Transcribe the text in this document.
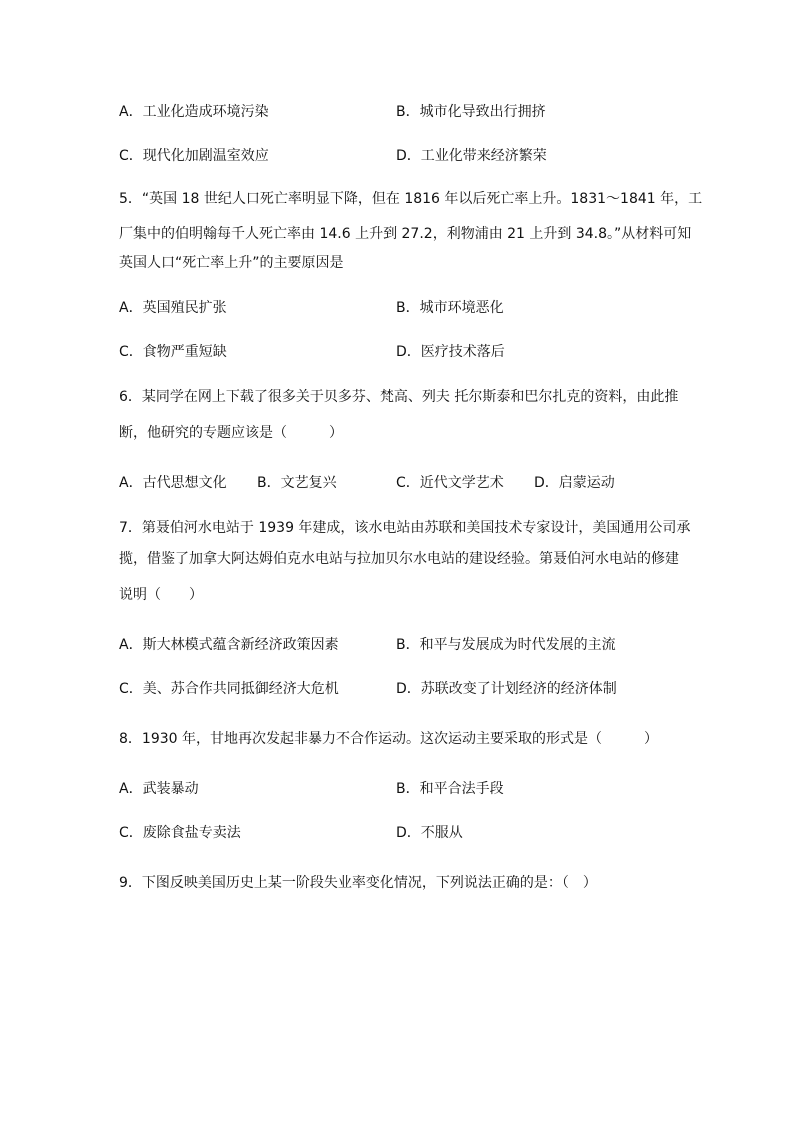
A．工业化造成环境污染	B．城市化导致出行拥挤
C．现代化加剧温室效应	D．工业化带来经济繁荣
5．“英国 18 世纪人口死亡率明显下降，但在 1816 年以后死亡率上升。1831～1841 年，工
厂集中的伯明翰每千人死亡率由 14.6 上升到 27.2，利物浦由 21 上升到 34.8。”从材料可知
英国人口“死亡率上升”的主要原因是
A．英国殖民扩张	B．城市环境恶化
C．食物严重短缺	D．医疗技术落后
6．某同学在网上下载了很多关于贝多芬、梵高、列夫 托尔斯泰和巴尔扎克的资料，由此推
断，他研究的专题应该是（　　　）
A．古代思想文化 B．文艺复兴	C．近代文学艺术 D．启蒙运动
7．第聂伯河水电站于 1939 年建成，该水电站由苏联和美国技术专家设计，美国通用公司承
揽，借鉴了加拿大阿达姆伯克水电站与拉加贝尔水电站的建设经验。第聂伯河水电站的修建
说明（　　）
A．斯大林模式蕴含新经济政策因素	B．和平与发展成为时代发展的主流
C．美、苏合作共同抵御经济大危机	D．苏联改变了计划经济的经济体制
8．1930 年，甘地再次发起非暴力不合作运动。这次运动主要采取的形式是（　　　）
A．武装暴动	B．和平合法手段
C．废除食盐专卖法	D．不服从
9．下图反映美国历史上某一阶段失业率变化情况，下列说法正确的是：（　）
